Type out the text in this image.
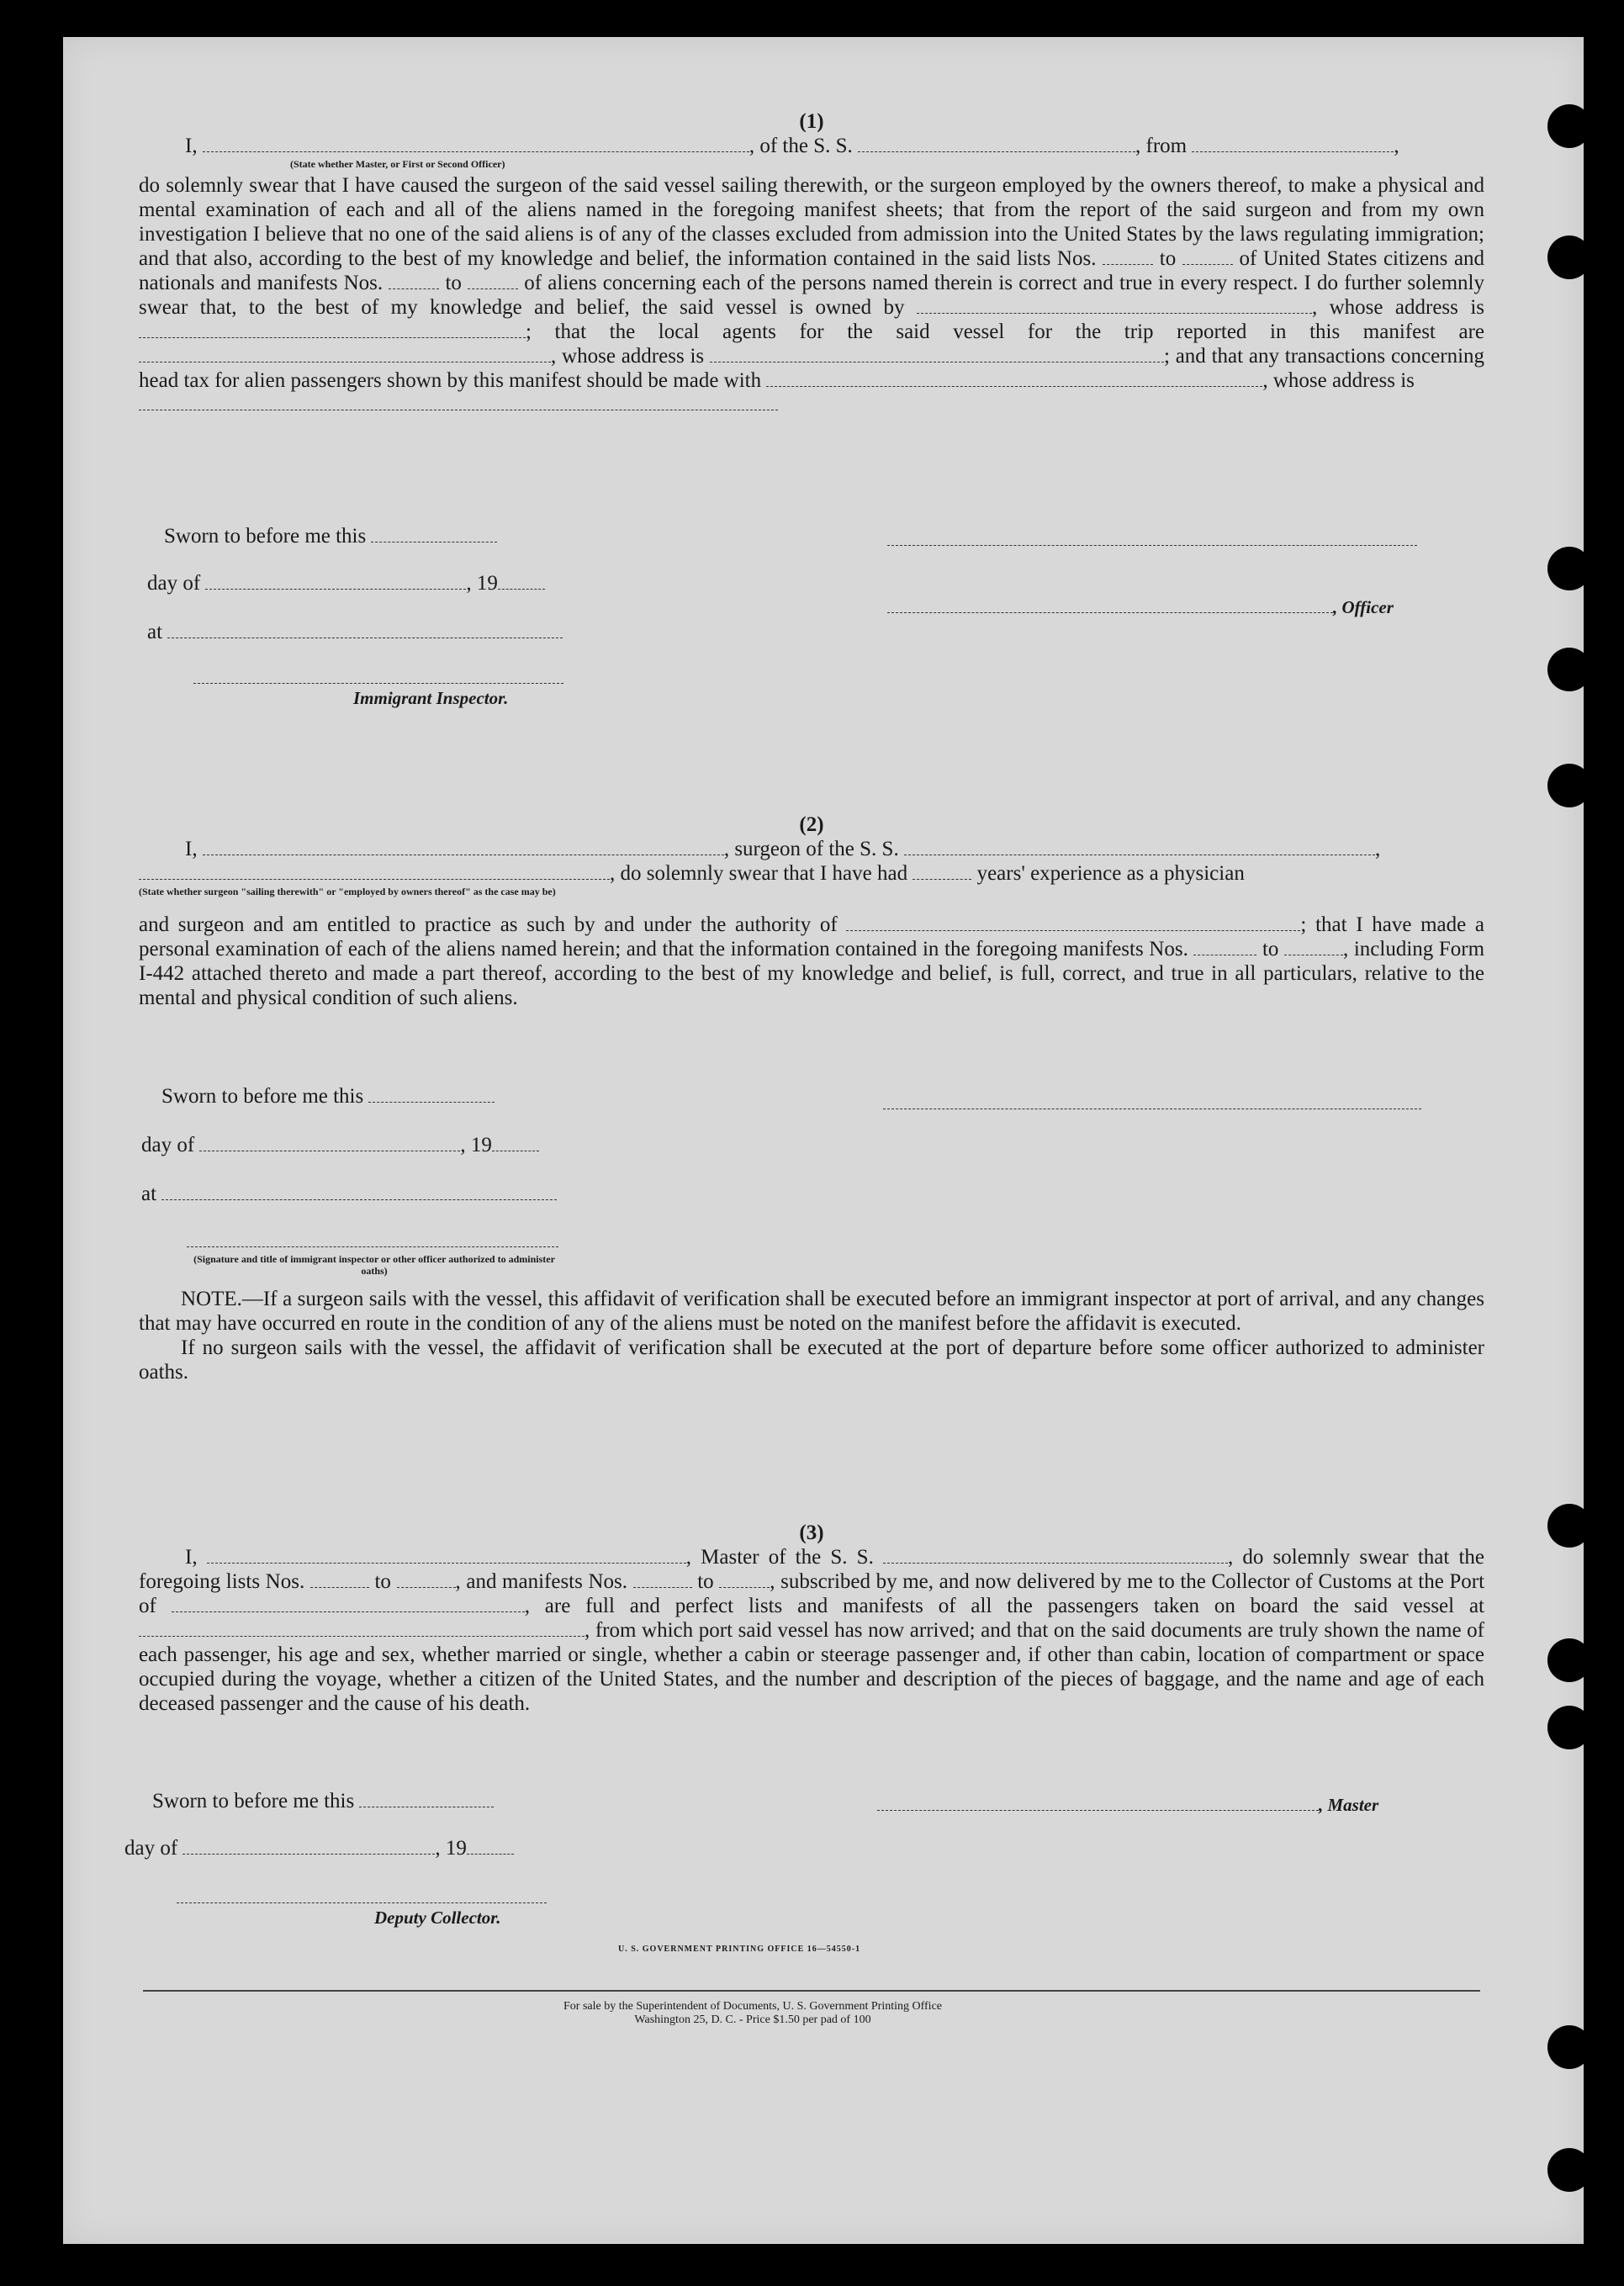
(1)

I,	, of the S. S.	, from	,

(State whether Master, or First or Second Officer)

do solemnly swear that I have caused the surgeon of the said vessel sailing therewith, or the surgeon employed by the owners thereof, to make a physical and mental examination of each and all of the aliens named in the foregoing manifest sheets; that from the report of the said surgeon and from my own investigation I believe that no one of the said aliens is of any of the classes excluded from admission into the United States by the laws regulating immigration; and that also, according to the best of my knowledge and belief, the information contained in the said lists Nos.	to	of United States citizens and nationals and manifests Nos.	to	of aliens concerning each of the persons named therein is correct and true in every respect. I do further solemnly swear that, to the best of my knowledge and belief, the said vessel is owned by	, whose address is ; that the local agents for the said vessel for the trip reported in this manifest are , whose address is	; and that any transactions concerning head tax for alien passengers shown by this manifest should be made with	, whose address is

Sworn to before me this
day of	, 19
at
Immigrant Inspector.
, Officer

(2)

I,	, surgeon of the S. S.	,

, do solemnly swear that I have had	years' experience as a physician

(State whether surgeon "sailing therewith" or "employed by owners thereof" as the case may be)

and surgeon and am entitled to practice as such by and under the authority of	; that I have made a personal examination of each of the aliens named herein; and that the information contained in the foregoing manifests Nos.	to	, including Form I-442 attached thereto and made a part thereof, according to the best of my knowledge and belief, is full, correct, and true in all particulars, relative to the mental and physical condition of such aliens.

Sworn to before me this
day of	, 19
at
(Signature and title of immigrant inspector or other officer authorized to administer oaths)

NOTE.—If a surgeon sails with the vessel, this affidavit of verification shall be executed before an immigrant inspector at port of arrival, and any changes that may have occurred en route in the condition of any of the aliens must be noted on the manifest before the affidavit is executed.

If no surgeon sails with the vessel, the affidavit of verification shall be executed at the port of departure before some officer authorized to administer oaths.

(3)

I,	, Master of the S. S.	, do solemnly swear that the foregoing lists Nos.	to	, and manifests Nos.	to	, subscribed by me, and now delivered by me to the Collector of Customs at the Port of	, are full and perfect lists and manifests of all the passengers taken on board the said vessel at , from which port said vessel has now arrived; and that on the said documents are truly shown the name of each passenger, his age and sex, whether married or single, whether a cabin or steerage passenger and, if other than cabin, location of compartment or space occupied during the voyage, whether a citizen of the United States, and the number and description of the pieces of baggage, and the name and age of each deceased passenger and the cause of his death.

Sworn to before me this
day of	, 19
Deputy Collector.
, Master
U. S. GOVERNMENT PRINTING OFFICE 16—54550-1
For sale by the Superintendent of Documents, U. S. Government Printing Office
Washington 25, D. C. - Price $1.50 per pad of 100
